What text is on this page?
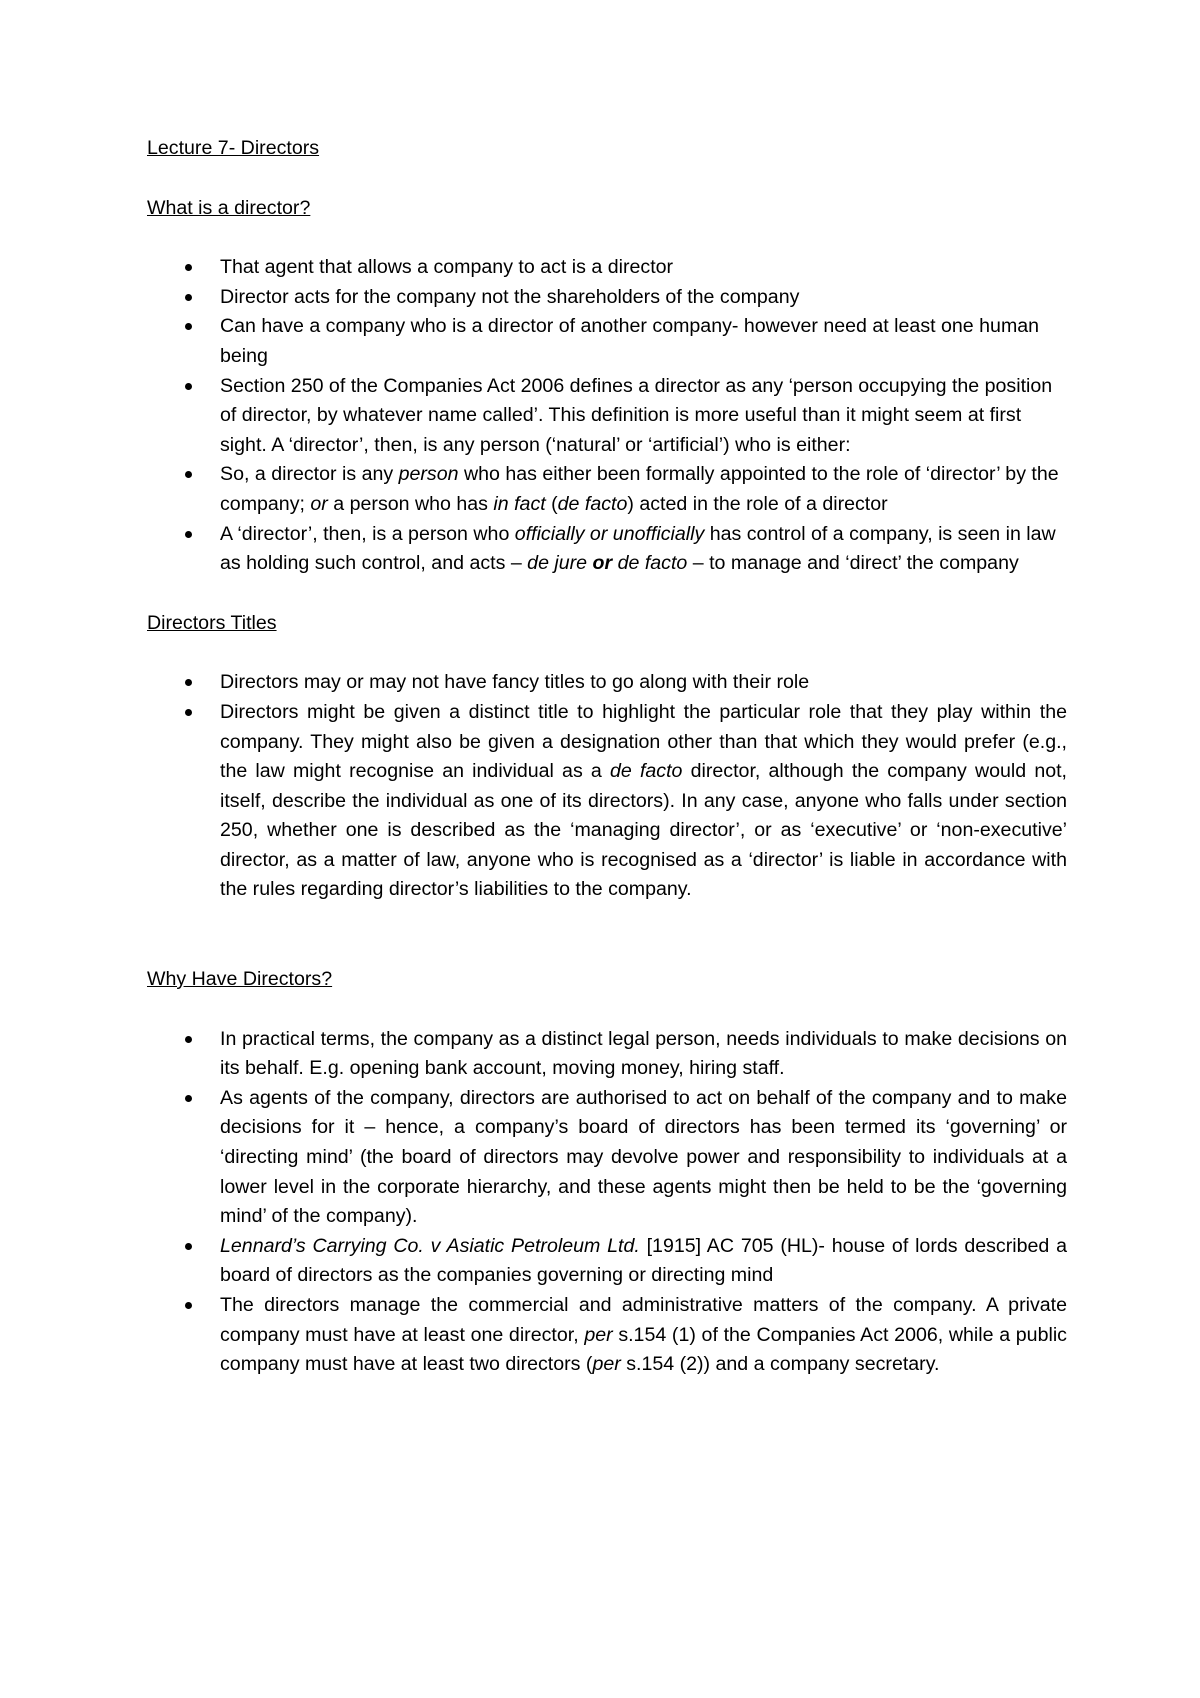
Lecture 7- Directors

What is a director?

That agent that allows a company to act is a director
Director acts for the company not the shareholders of the company
Can have a company who is a director of another company- however need at least one human being
Section 250 of the Companies Act 2006 defines a director as any ‘person occupying the position of director, by whatever name called’. This definition is more useful than it might seem at first sight. A ‘director’, then, is any person (‘natural’ or ‘artificial’) who is either:
So, a director is any person who has either been formally appointed to the role of ‘director’ by the company; or a person who has in fact (de facto) acted in the role of a director
A ‘director’, then, is a person who officially or unofficially has control of a company, is seen in law as holding such control, and acts – de jure or de facto – to manage and ‘direct’ the company

Directors Titles

Directors may or may not have fancy titles to go along with their role
Directors might be given a distinct title to highlight the particular role that they play within the company. They might also be given a designation other than that which they would prefer (e.g., the law might recognise an individual as a de facto director, although the company would not, itself, describe the individual as one of its directors). In any case, anyone who falls under section 250, whether one is described as the ‘managing director’, or as ‘executive’ or ‘non-executive’ director, as a matter of law, anyone who is recognised as a ‘director’ is liable in accordance with the rules regarding director’s liabilities to the company.

Why Have Directors?

In practical terms, the company as a distinct legal person, needs individuals to make decisions on its behalf. E.g. opening bank account, moving money, hiring staff.
As agents of the company, directors are authorised to act on behalf of the company and to make decisions for it – hence, a company’s board of directors has been termed its ‘governing’ or ‘directing mind’ (the board of directors may devolve power and responsibility to individuals at a lower level in the corporate hierarchy, and these agents might then be held to be the ‘governing mind’ of the company).
Lennard’s Carrying Co. v Asiatic Petroleum Ltd. [1915] AC 705 (HL)- house of lords described a board of directors as the companies governing or directing mind
The directors manage the commercial and administrative matters of the company. A private company must have at least one director, per s.154 (1) of the Companies Act 2006, while a public company must have at least two directors (per s.154 (2)) and a company secretary.
